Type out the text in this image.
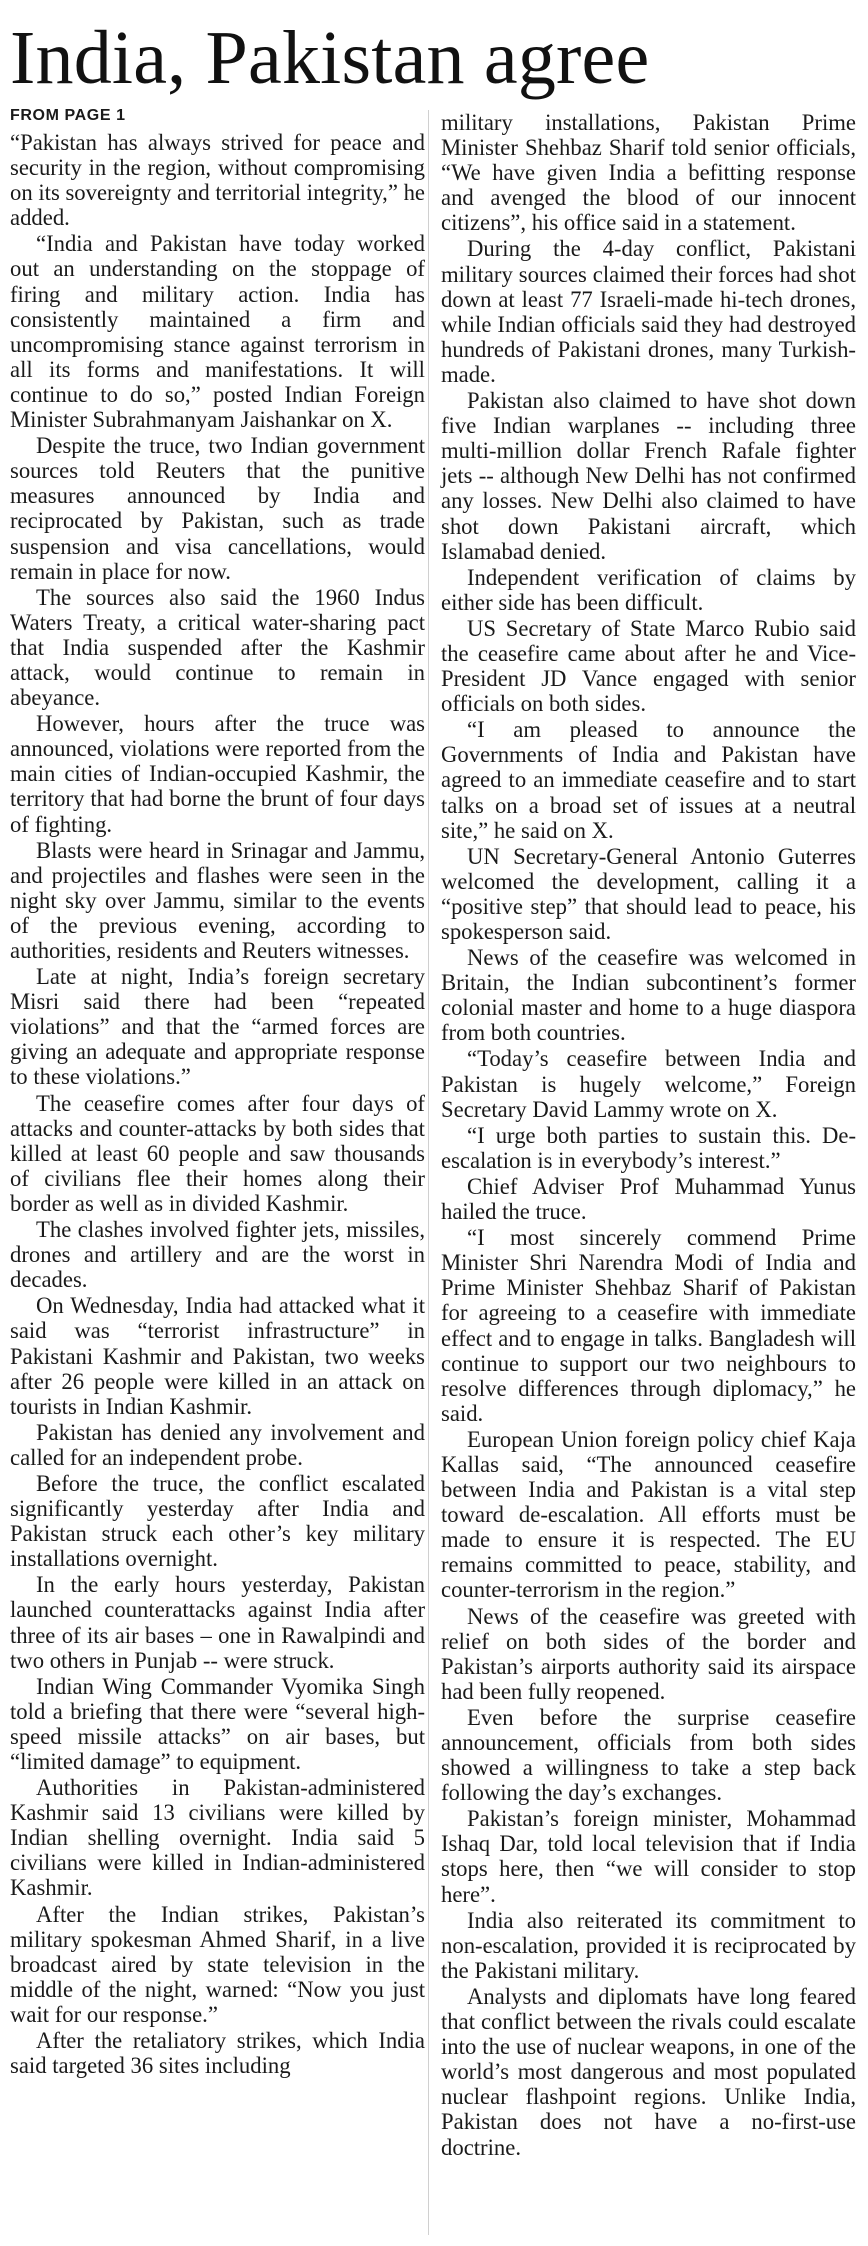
India, Pakistan agree
FROM PAGE 1

“Pakistan has always strived for peace and security in the region, without compromising on its sovereignty and territorial integrity,” he added.

“India and Pakistan have today worked out an understanding on the stoppage of firing and military action. India has consistently maintained a firm and uncompromising stance against terrorism in all its forms and manifestations. It will continue to do so,” posted Indian Foreign Minister Subrahmanyam Jaishankar on X.

Despite the truce, two Indian government sources told Reuters that the punitive measures announced by India and reciprocated by Pakistan, such as trade suspension and visa cancellations, would remain in place for now.

The sources also said the 1960 Indus Waters Treaty, a critical water-sharing pact that India suspended after the Kashmir attack, would continue to remain in abeyance.

However, hours after the truce was announced, violations were reported from the main cities of Indian-occupied Kashmir, the territory that had borne the brunt of four days of fighting.

Blasts were heard in Srinagar and Jammu, and projectiles and flashes were seen in the night sky over Jammu, similar to the events of the previous evening, according to authorities, residents and Reuters witnesses.

Late at night, India’s foreign secretary Misri said there had been “repeated violations” and that the “armed forces are giving an adequate and appropriate response to these violations.”

The ceasefire comes after four days of attacks and counter-attacks by both sides that killed at least 60 people and saw thousands of civilians flee their homes along their border as well as in divided Kashmir.

The clashes involved fighter jets, missiles, drones and artillery and are the worst in decades.

On Wednesday, India had attacked what it said was “terrorist infrastructure” in Pakistani Kashmir and Pakistan, two weeks after 26 people were killed in an attack on tourists in Indian Kashmir.

Pakistan has denied any involvement and called for an independent probe.

Before the truce, the conflict escalated significantly yesterday after India and Pakistan struck each other’s key military installations overnight.

In the early hours yesterday, Pakistan launched counterattacks against India after three of its air bases – one in Rawalpindi and two others in Punjab -- were struck.

Indian Wing Commander Vyomika Singh told a briefing that there were “several high-speed missile attacks” on air bases, but “limited damage” to equipment.

Authorities in Pakistan-administered Kashmir said 13 civilians were killed by Indian shelling overnight. India said 5 civilians were killed in Indian-administered Kashmir.

After the Indian strikes, Pakistan’s military spokesman Ahmed Sharif, in a live broadcast aired by state television in the middle of the night, warned: “Now you just wait for our response.”

After the retaliatory strikes, which India said targeted 36 sites including

military installations, Pakistan Prime Minister Shehbaz Sharif told senior officials, “We have given India a befitting response and avenged the blood of our innocent citizens”, his office said in a statement.

During the 4-day conflict, Pakistani military sources claimed their forces had shot down at least 77 Israeli-made hi-tech drones, while Indian officials said they had destroyed hundreds of Pakistani drones, many Turkish-made.

Pakistan also claimed to have shot down five Indian warplanes -- including three multi-million dollar French Rafale fighter jets -- although New Delhi has not confirmed any losses. New Delhi also claimed to have shot down Pakistani aircraft, which Islamabad denied.

Independent verification of claims by either side has been difficult.

US Secretary of State Marco Rubio said the ceasefire came about after he and Vice-President JD Vance engaged with senior officials on both sides.

“I am pleased to announce the Governments of India and Pakistan have agreed to an immediate ceasefire and to start talks on a broad set of issues at a neutral site,” he said on X.

UN Secretary-General Antonio Guterres welcomed the development, calling it a “positive step” that should lead to peace, his spokesperson said.

News of the ceasefire was welcomed in Britain, the Indian subcontinent’s former colonial master and home to a huge diaspora from both countries.

“Today’s ceasefire between India and Pakistan is hugely welcome,” Foreign Secretary David Lammy wrote on X.

“I urge both parties to sustain this. De-escalation is in everybody’s interest.”

Chief Adviser Prof Muhammad Yunus hailed the truce.

“I most sincerely commend Prime Minister Shri Narendra Modi of India and Prime Minister Shehbaz Sharif of Pakistan for agreeing to a ceasefire with immediate effect and to engage in talks. Bangladesh will continue to support our two neighbours to resolve differences through diplomacy,” he said.

European Union foreign policy chief Kaja Kallas said, “The announced ceasefire between India and Pakistan is a vital step toward de-escalation. All efforts must be made to ensure it is respected. The EU remains committed to peace, stability, and counter-terrorism in the region.”

News of the ceasefire was greeted with relief on both sides of the border and Pakistan’s airports authority said its airspace had been fully reopened.

Even before the surprise ceasefire announcement, officials from both sides showed a willingness to take a step back following the day’s exchanges.

Pakistan’s foreign minister, Mohammad Ishaq Dar, told local television that if India stops here, then “we will consider to stop here”.

India also reiterated its commitment to non-escalation, provided it is reciprocated by the Pakistani military.

Analysts and diplomats have long feared that conflict between the rivals could escalate into the use of nuclear weapons, in one of the world’s most dangerous and most populated nuclear flashpoint regions. Unlike India, Pakistan does not have a no-first-use doctrine.
